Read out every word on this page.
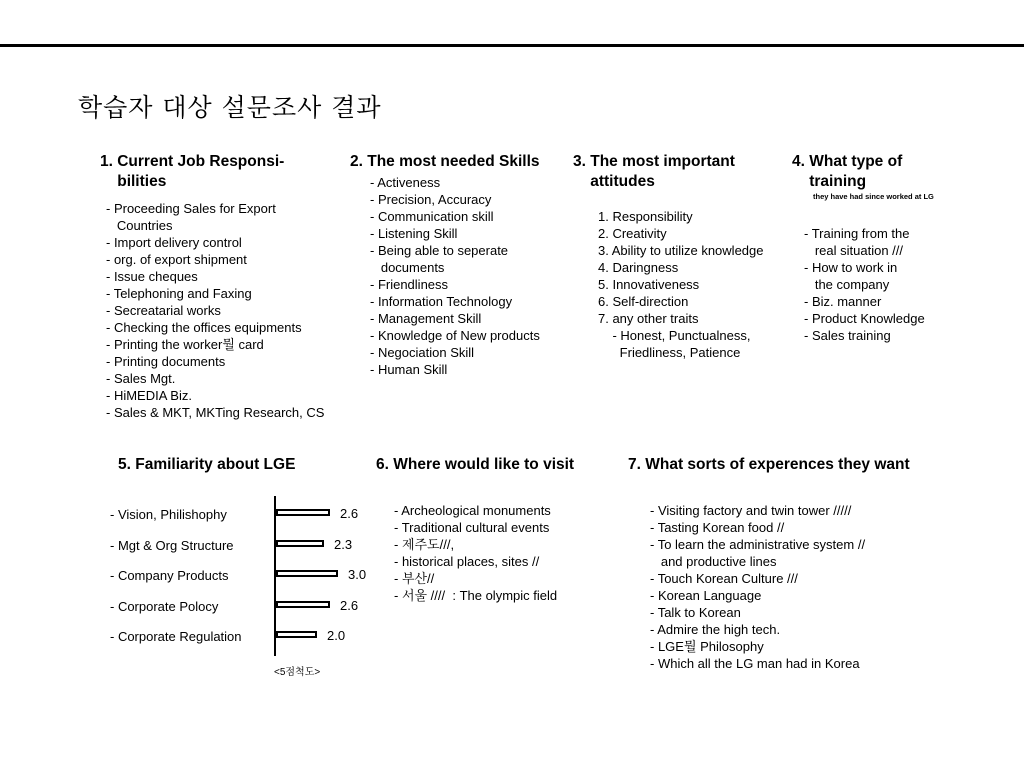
학습자 대상 설문조사 결과
1. Current Job Responsi-
bilities
- Proceeding Sales for Export
Countries
- Import delivery control
- org. of export shipment
- Issue cheques
- Telephoning and Faxing
- Secreatarial works
- Checking the offices equipments
- Printing the worker뭘 card
- Printing documents
- Sales Mgt.
- HiMEDIA Biz.
- Sales & MKT, MKTing Research, CS
2. The most needed Skills
- Activeness
- Precision, Accuracy
- Communication skill
- Listening Skill
- Being able to seperate
documents
- Friendliness
- Information Technology
- Management Skill
- Knowledge of New products
- Negociation Skill
- Human Skill
3. The most important
attitudes
1. Responsibility
2. Creativity
3. Ability to utilize knowledge
4. Daringness
5. Innovativeness
6. Self-direction
7. any other traits
- Honest, Punctualness,
Friedliness, Patience
4. What type of
training
they have had since worked at LG
- Training from the
real situation ///
- How to work in
the company
- Biz. manner
- Product Knowledge
- Sales training
5. Familiarity about LGE
- Vision, Philishophy	2.6
- Mgt & Org Structure	2.3
- Company Products	3.0
- Corporate Polocy	2.6
- Corporate Regulation	2.0
<5점척도>
6. Where would like to visit
- Archeological monuments
- Traditional cultural events
- 제주도///,
- historical places, sites //
- 부산//
- 서울 ////  : The olympic field
7. What sorts of experences they want
- Visiting factory and twin tower /////
- Tasting Korean food //
- To learn the administrative system //
and productive lines
- Touch Korean Culture ///
- Korean Language
- Talk to Korean
- Admire the high tech.
- LGE뭘 Philosophy
- Which all the LG man had in Korea
